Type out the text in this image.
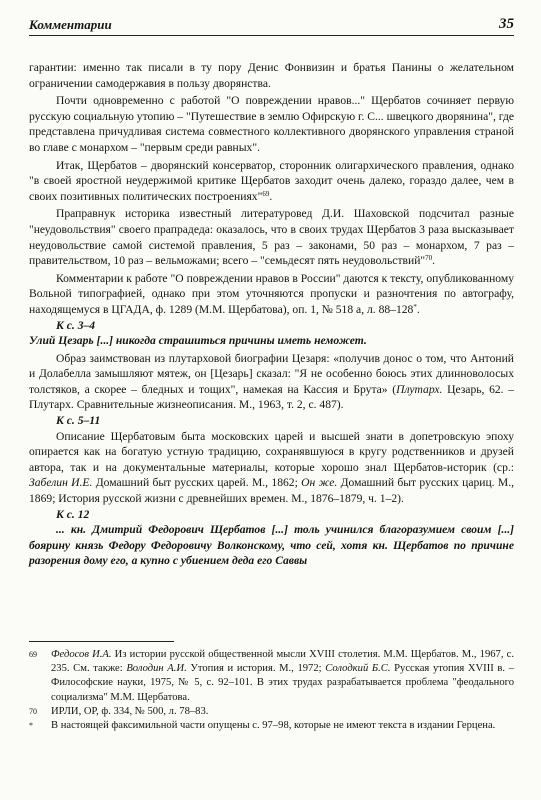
Комментарии	35

гарантии: именно так писали в ту пору Денис Фонвизин и братья Панины о желательном ограничении самодержавия в пользу дворянства.

Почти одновременно с работой "О повреждении нравов..." Щербатов сочиняет первую русскую социальную утопию – "Путешествие в землю Офирскую г. С... швецкого дворянина", где представлена причудливая система совместного коллективного дворянского управления страной во главе с монархом – "первым среди равных".

Итак, Щербатов – дворянский консерватор, сторонник олигархического правления, однако "в своей яростной неудержимой критике Щербатов заходит очень далеко, гораздо далее, чем в своих позитивных политических построениях"$^{69}$.

Праправнук историка известный литературовед Д.И. Шаховской подсчитал разные "неудовольствия" своего прапрадеда: оказалось, что в своих трудах Щербатов 3 раза высказывает неудовольствие самой системой правления, 5 раз – законами, 50 раз – монархом, 7 раз – правительством, 10 раз – вельможами; всего – "семьдесят пять неудовольствий"$^{70}$.

Комментарии к работе "О повреждении нравов в России" даются к тексту, опубликованному Вольной типографией, однако при этом уточняются пропуски и разночтения по автографу, находящемуся в ЦГАДА, ф. 1289 (М.М. Щербатова), оп. 1, № 518 а, л. 88–128*.

К с. 3–4

Улий Цезарь [...] никогда страшиться причины иметь неможет.

Образ заимствован из плутарховой биографии Цезаря: «получив донос о том, что Антоний и Долабелла замышляют мятеж, он [Цезарь] сказал: "Я не особенно боюсь этих длинноволосых толстяков, а скорее – бледных и тощих", намекая на Кассия и Брута» (Плутарх. Цезарь, 62. – Плутарх. Сравнительные жизнеописания. М., 1963, т. 2, с. 487).

К с. 5–11

Описание Щербатовым быта московских царей и высшей знати в допетровскую эпоху опирается как на богатую устную традицию, сохранявшуюся в кругу родственников и друзей автора, так и на документальные материалы, которые хорошо знал Щербатов-историк (ср.: Забелин И.Е. Домашний быт русских царей. М., 1862; Он же. Домашний быт русских цариц. М., 1869; История русской жизни с древнейших времен. М., 1876–1879, ч. 1–2).

К с. 12

... кн. Дмитрий Федорович Щербатов [...] толь учинился благоразумием своим [...] боярину князь Федору Федоровичу Волконскому, что сей, хотя кн. Щербатов по причине разорения дому его, а купно с убиением деда его Саввы

69	Федосов И.А. Из истории русской общественной мысли XVIII столетия. М.М. Щербатов. М., 1967, с. 235. См. также: Володин А.И. Утопия и история. М., 1972; Солодкий Б.С. Русская утопия XVIII в. – Философские науки, 1975, № 5, с. 92–101. В этих трудах разрабатывается проблема "феодального социализма" М.М. Щербатова.
70	ИРЛИ, ОР, ф. 334, № 500, л. 78–83.
*	В настоящей факсимильной части опущены с. 97–98, которые не имеют текста в издании Герцена.
